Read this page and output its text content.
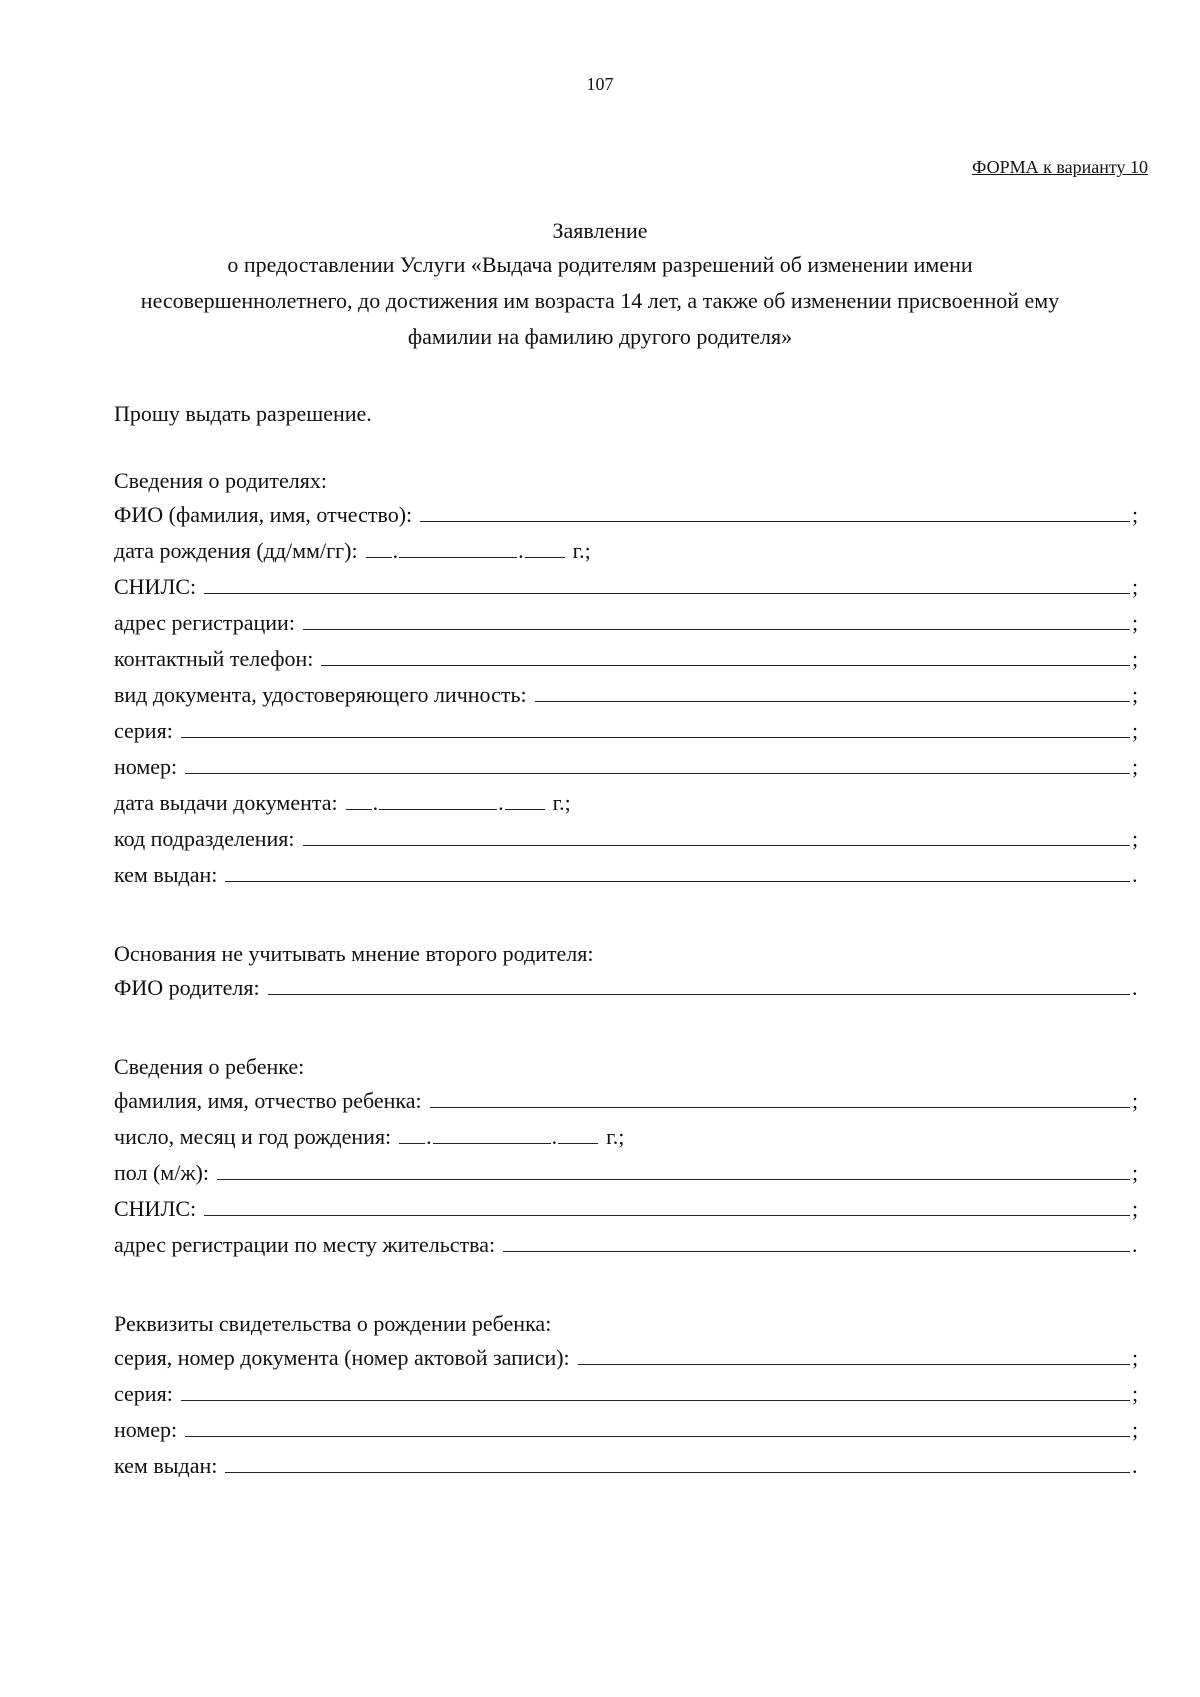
107
ФОРМА к варианту 10
Заявление
о предоставлении Услуги «Выдача родителям разрешений об изменении имени
несовершеннолетнего, до достижения им возраста 14 лет, а также об изменении присвоенной ему
фамилии на фамилию другого родителя»
Прошу выдать разрешение.
Сведения о родителях:
ФИО (фамилия, имя, отчество):	;
дата рождения (дд/мм/гг):	.	.	г.;
СНИЛС:	;
адрес регистрации:	;
контактный телефон:	;
вид документа, удостоверяющего личность:	;
серия:	;
номер:	;
дата выдачи документа:	.	.	г.;
код подразделения:	;
кем выдан:	.
Основания не учитывать мнение второго родителя:
ФИО родителя:	.
Сведения о ребенке:
фамилия, имя, отчество ребенка:	;
число, месяц и год рождения:	.	.	г.;
пол (м/ж):	;
СНИЛС:	;
адрес регистрации по месту жительства:	.
Реквизиты свидетельства о рождении ребенка:
серия, номер документа (номер актовой записи):	;
серия:	;
номер:	;
кем выдан:	.
